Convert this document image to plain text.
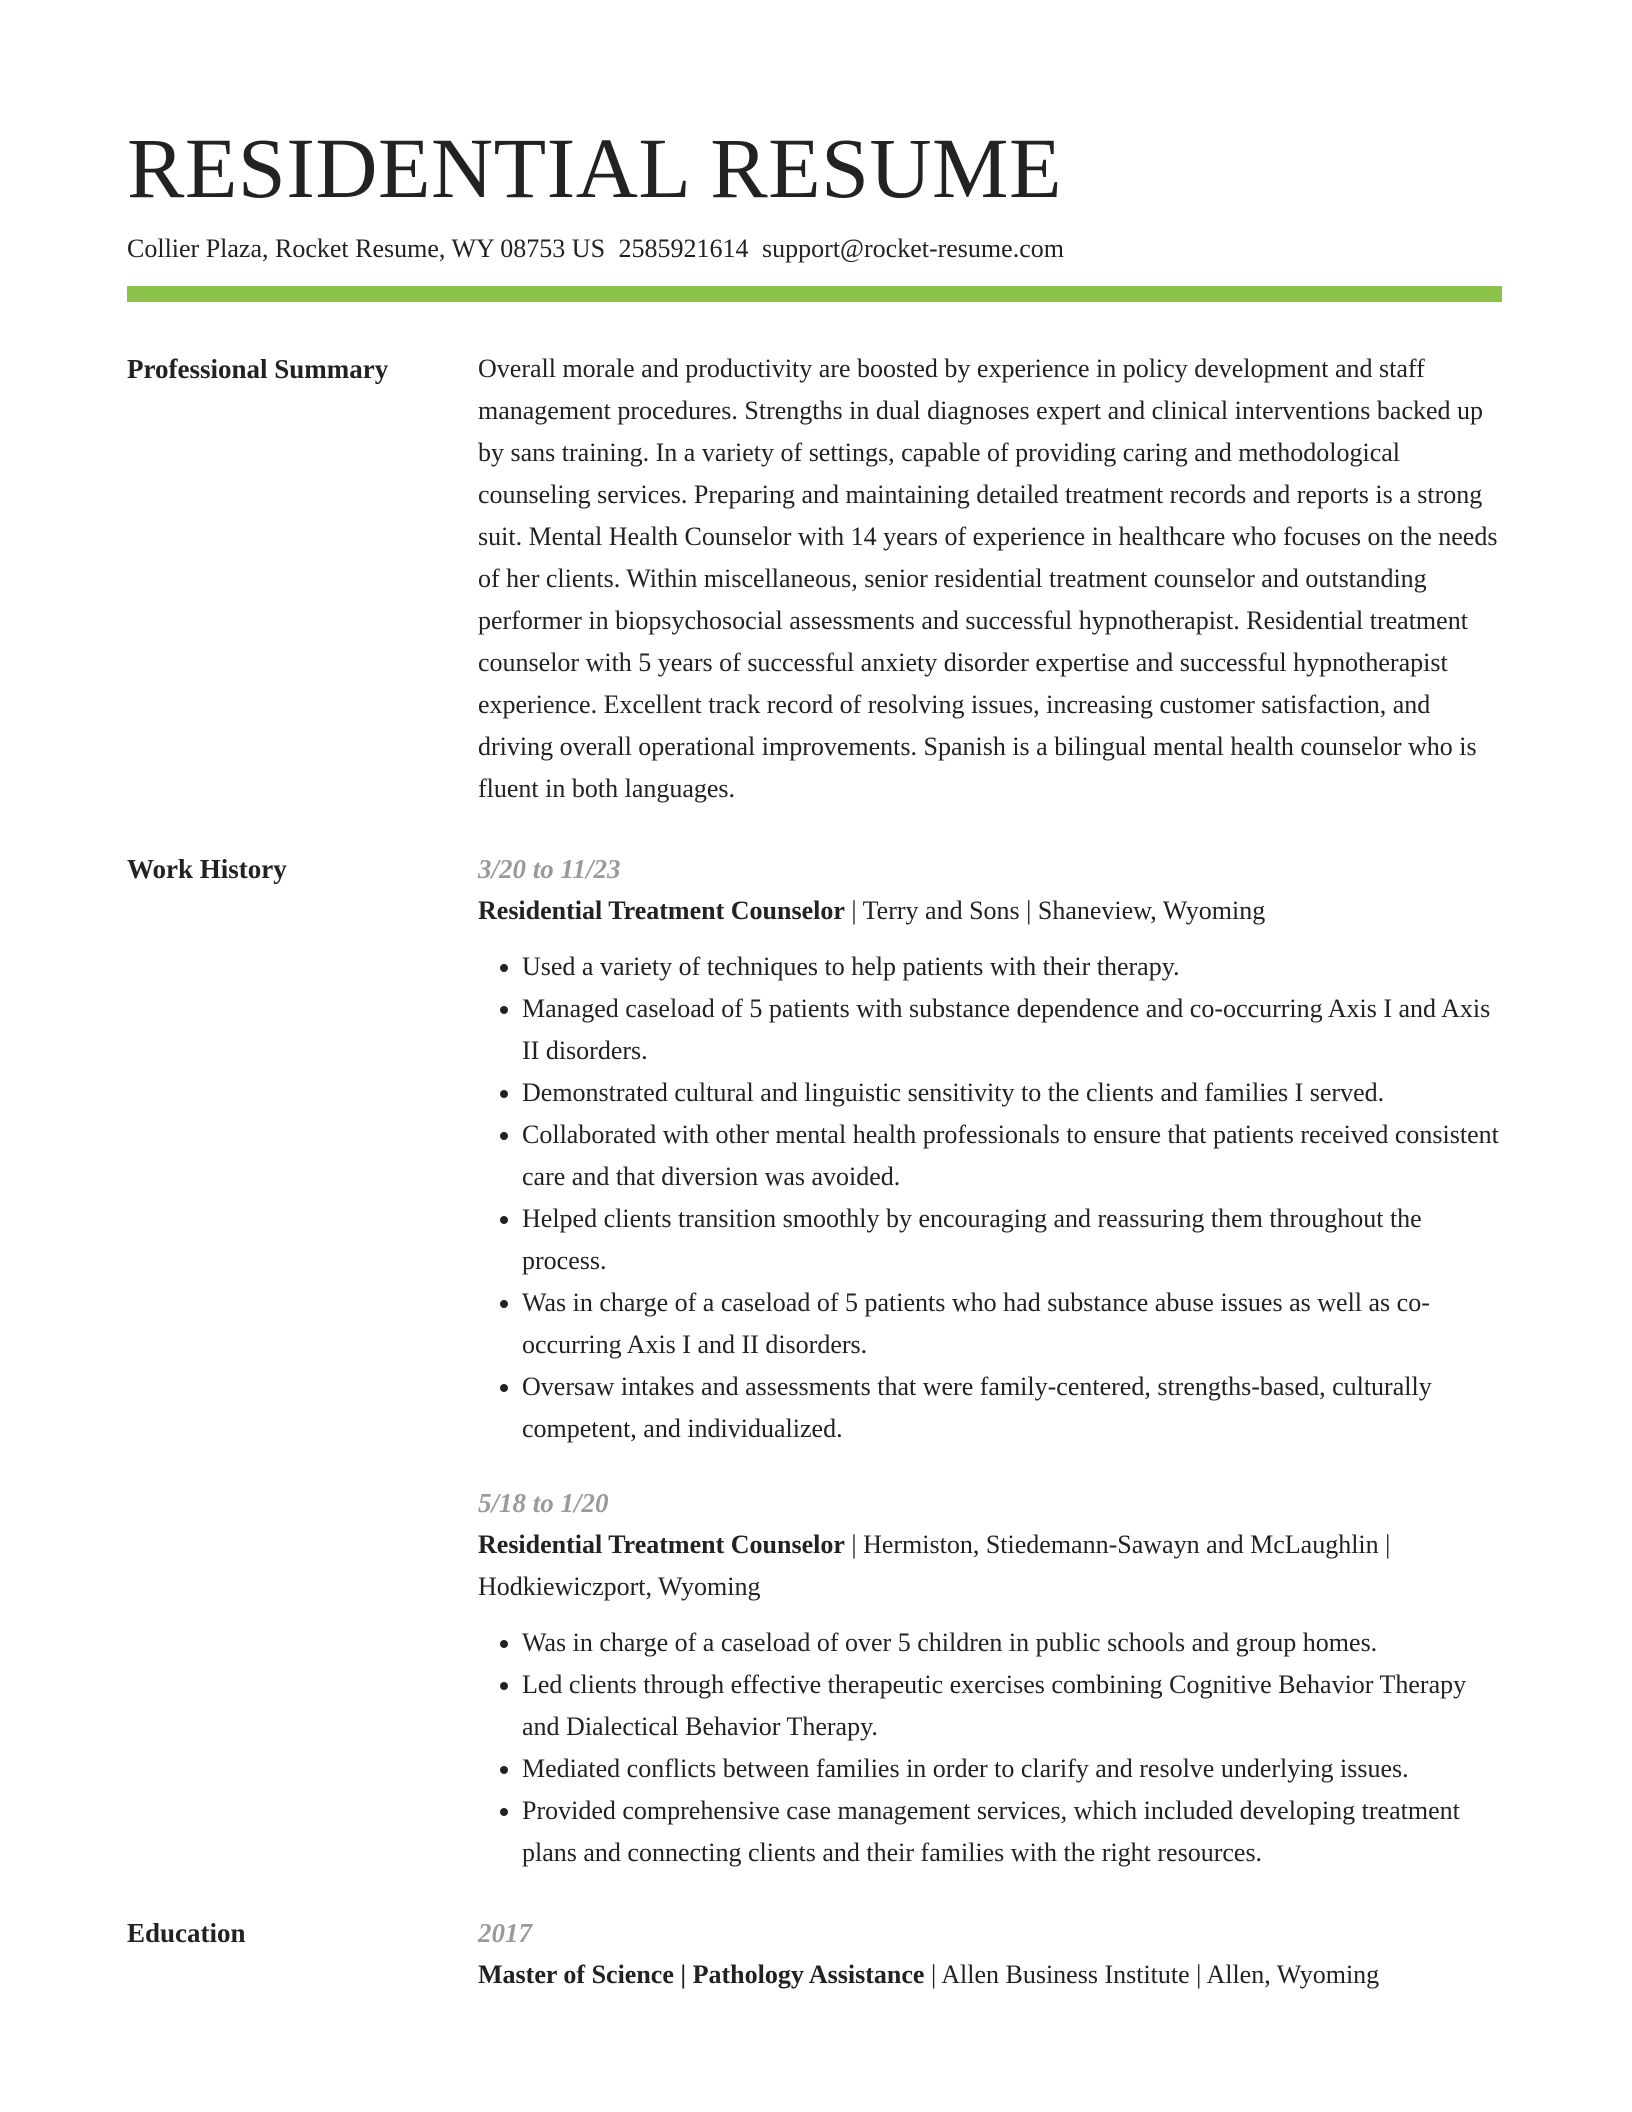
RESIDENTIAL RESUME
Collier Plaza, Rocket Resume, WY 08753 US 2585921614 support@rocket-resume.com
Professional Summary	Overall morale and productivity are boosted by experience in policy development and staff management procedures. Strengths in dual diagnoses expert and clinical interventions backed up by sans training. In a variety of settings, capable of providing caring and methodological counseling services. Preparing and maintaining detailed treatment records and reports is a strong suit. Mental Health Counselor with 14 years of experience in healthcare who focuses on the needs of her clients. Within miscellaneous, senior residential treatment counselor and outstanding performer in biopsychosocial assessments and successful hypnotherapist. Residential treatment counselor with 5 years of successful anxiety disorder expertise and successful hypnotherapist experience. Excellent track record of resolving issues, increasing customer satisfaction, and driving overall operational improvements. Spanish is a bilingual mental health counselor who is fluent in both languages.

Work History	3/20 to 11/23
Residential Treatment Counselor | Terry and Sons | Shaneview, Wyoming
• Used a variety of techniques to help patients with their therapy.
• Managed caseload of 5 patients with substance dependence and co-occurring Axis I and Axis II disorders.
• Demonstrated cultural and linguistic sensitivity to the clients and families I served.
• Collaborated with other mental health professionals to ensure that patients received consistent care and that diversion was avoided.
• Helped clients transition smoothly by encouraging and reassuring them throughout the process.
• Was in charge of a caseload of 5 patients who had substance abuse issues as well as co-occurring Axis I and II disorders.
• Oversaw intakes and assessments that were family-centered, strengths-based, culturally competent, and individualized.
5/18 to 1/20
Residential Treatment Counselor | Hermiston, Stiedemann-Sawayn and McLaughlin | Hodkiewiczport, Wyoming
• Was in charge of a caseload of over 5 children in public schools and group homes.
• Led clients through effective therapeutic exercises combining Cognitive Behavior Therapy and Dialectical Behavior Therapy.
• Mediated conflicts between families in order to clarify and resolve underlying issues.
• Provided comprehensive case management services, which included developing treatment plans and connecting clients and their families with the right resources.
Education	2017
Master of Science | Pathology Assistance | Allen Business Institute | Allen, Wyoming
